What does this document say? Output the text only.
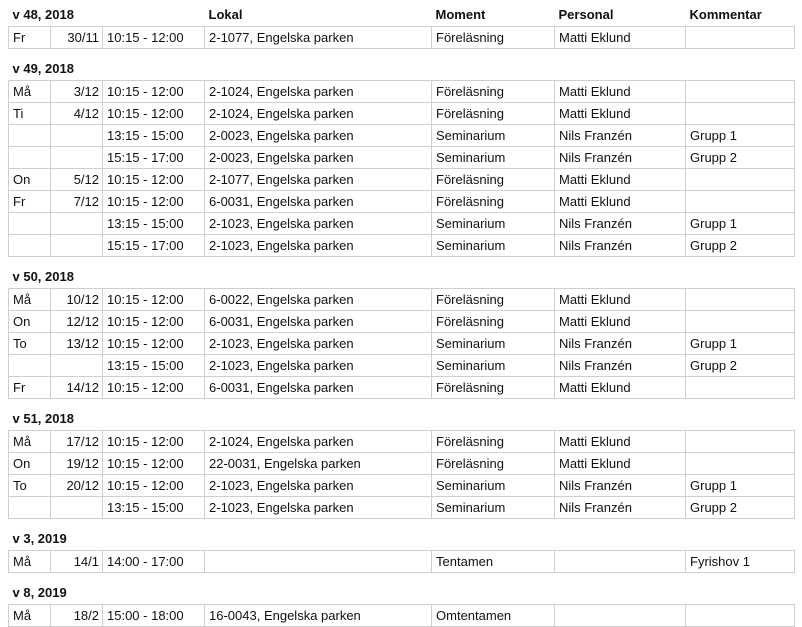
v 48, 2018			Lokal	Moment	Personal	Kommentar
Fr	30/11	10:15 - 12:00	2-1077, Engelska parken	Föreläsning	Matti Eklund	

v 49, 2018						
Må	3/12	10:15 - 12:00	2-1024, Engelska parken	Föreläsning	Matti Eklund	
Ti	4/12	10:15 - 12:00	2-1024, Engelska parken	Föreläsning	Matti Eklund	
		13:15 - 15:00	2-0023, Engelska parken	Seminarium	Nils Franzén	Grupp 1
		15:15 - 17:00	2-0023, Engelska parken	Seminarium	Nils Franzén	Grupp 2
On	5/12	10:15 - 12:00	2-1077, Engelska parken	Föreläsning	Matti Eklund	
Fr	7/12	10:15 - 12:00	6-0031, Engelska parken	Föreläsning	Matti Eklund	
		13:15 - 15:00	2-1023, Engelska parken	Seminarium	Nils Franzén	Grupp 1
		15:15 - 17:00	2-1023, Engelska parken	Seminarium	Nils Franzén	Grupp 2

v 50, 2018						
Må	10/12	10:15 - 12:00	6-0022, Engelska parken	Föreläsning	Matti Eklund	
On	12/12	10:15 - 12:00	6-0031, Engelska parken	Föreläsning	Matti Eklund	
To	13/12	10:15 - 12:00	2-1023, Engelska parken	Seminarium	Nils Franzén	Grupp 1
		13:15 - 15:00	2-1023, Engelska parken	Seminarium	Nils Franzén	Grupp 2
Fr	14/12	10:15 - 12:00	6-0031, Engelska parken	Föreläsning	Matti Eklund	

v 51, 2018						
Må	17/12	10:15 - 12:00	2-1024, Engelska parken	Föreläsning	Matti Eklund	
On	19/12	10:15 - 12:00	22-0031, Engelska parken	Föreläsning	Matti Eklund	
To	20/12	10:15 - 12:00	2-1023, Engelska parken	Seminarium	Nils Franzén	Grupp 1
		13:15 - 15:00	2-1023, Engelska parken	Seminarium	Nils Franzén	Grupp 2

v 3, 2019						
Må	14/1	14:00 - 17:00		Tentamen		Fyrishov 1

v 8, 2019						
Må	18/2	15:00 - 18:00	16-0043, Engelska parken	Omtentamen		
